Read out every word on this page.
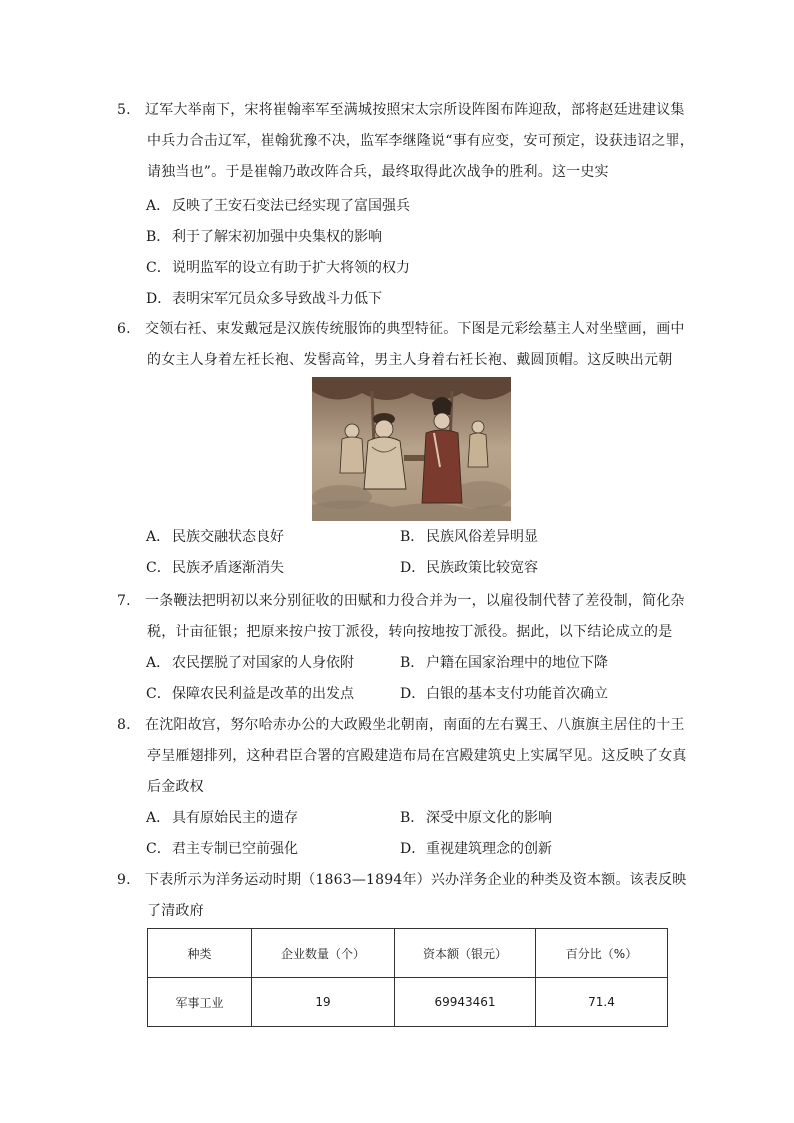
5.	辽军大举南下，宋将崔翰率军至满城按照宋太宗所设阵图布阵迎敌，部将赵廷进建议集
中兵力合击辽军，崔翰犹豫不决，监军李继隆说“事有应变，安可预定，设获违诏之罪，
请独当也”。于是崔翰乃敢改阵合兵，最终取得此次战争的胜利。这一史实
A． 反映了王安石变法已经实现了富国强兵
B． 利于了解宋初加强中央集权的影响
C．说明监军的设立有助于扩大将领的权力
D．表明宋军冗员众多导致战斗力低下
6.	交领右衽、束发戴冠是汉族传统服饰的典型特征。下图是元彩绘墓主人对坐壁画，画中
的女主人身着左衽长袍、发髻高耸，男主人身着右衽长袍、戴圆顶帽。这反映出元朝
A． 民族交融状态良好	B． 民族风俗差异明显
C．民族矛盾逐渐消失	D．民族政策比较宽容
7.	一条鞭法把明初以来分别征收的田赋和力役合并为一，以雇役制代替了差役制，简化杂
税，计亩征银；把原来按户按丁派役，转向按地按丁派役。据此，以下结论成立的是
A． 农民摆脱了对国家的人身依附	B． 户籍在国家治理中的地位下降
C．保障农民利益是改革的出发点	D．白银的基本支付功能首次确立
8.	在沈阳故宫，努尔哈赤办公的大政殿坐北朝南，南面的左右翼王、八旗旗主居住的十王
亭呈雁翅排列，这种君臣合署的宫殿建造布局在宫殿建筑史上实属罕见。这反映了女真
后金政权
A． 具有原始民主的遗存	B． 深受中原文化的影响
C．君主专制已空前强化	D．重视建筑理念的创新
9.	下表所示为洋务运动时期（1863—1894年）兴办洋务企业的种类及资本额。该表反映
了清政府
种类	企业数量（个）	资本额（银元）	百分比（%）
军事工业	19	69943461	71.4
